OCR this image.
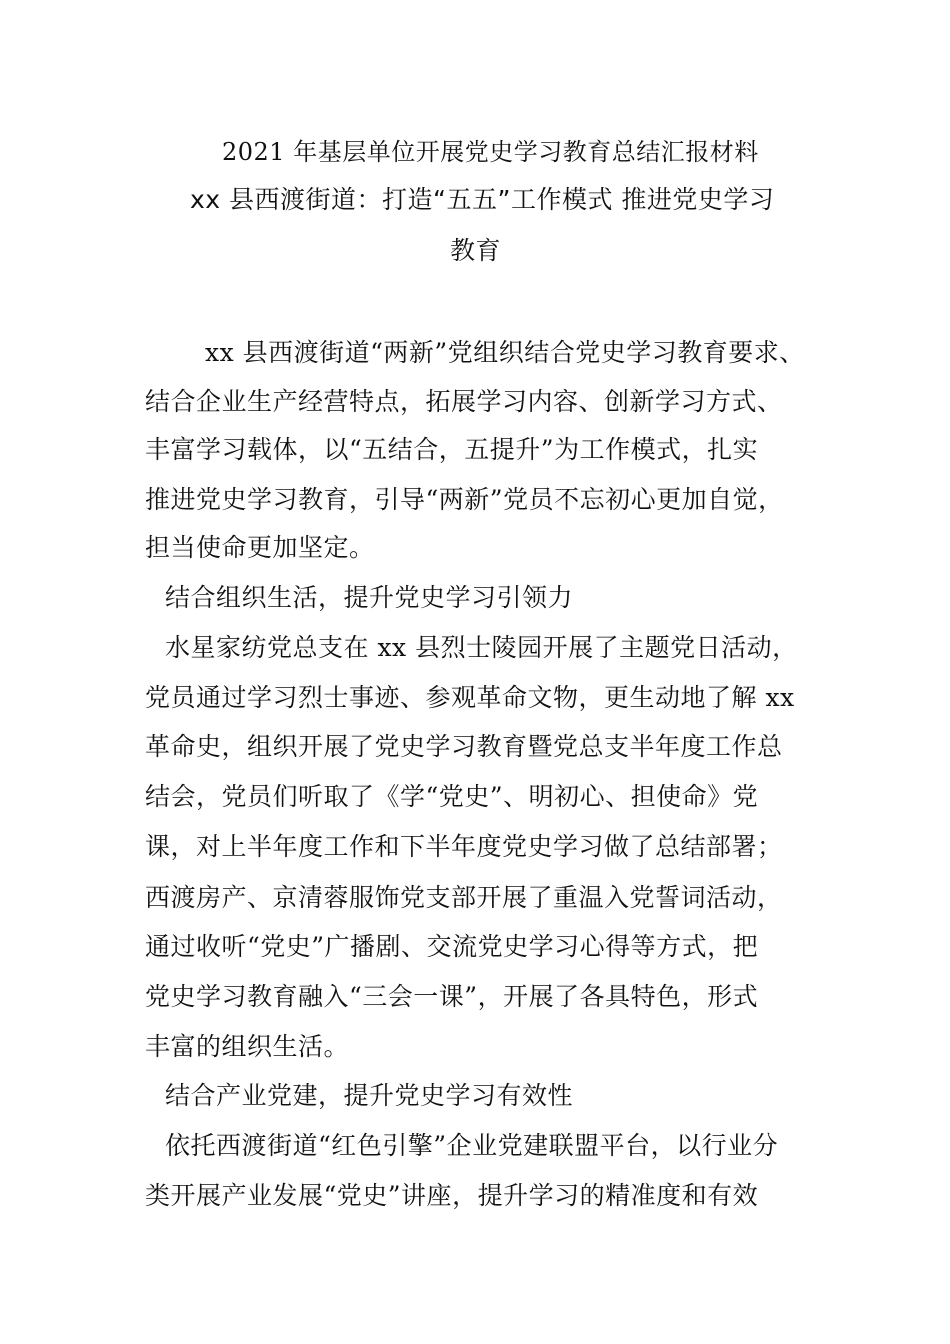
2021 年基层单位开展党史学习教育总结汇报材料
xx 县西渡街道：打造“五五”工作模式 推进党史学习
教育
xx 县西渡街道“两新”党组织结合党史学习教育要求、
结合企业生产经营特点，拓展学习内容、创新学习方式、
丰富学习载体，以“五结合，五提升”为工作模式，扎实
推进党史学习教育，引导“两新”党员不忘初心更加自觉，
担当使命更加坚定。
结合组织生活，提升党史学习引领力
水星家纺党总支在 xx 县烈士陵园开展了主题党日活动，
党员通过学习烈士事迹、参观革命文物，更生动地了解 xx
革命史，组织开展了党史学习教育暨党总支半年度工作总
结会，党员们听取了《学“党史”、明初心、担使命》党
课，对上半年度工作和下半年度党史学习做了总结部署；
西渡房产、京清蓉服饰党支部开展了重温入党誓词活动，
通过收听“党史”广播剧、交流党史学习心得等方式，把
党史学习教育融入“三会一课”，开展了各具特色，形式
丰富的组织生活。
结合产业党建，提升党史学习有效性
依托西渡街道“红色引擎”企业党建联盟平台，以行业分
类开展产业发展“党史”讲座，提升学习的精准度和有效
